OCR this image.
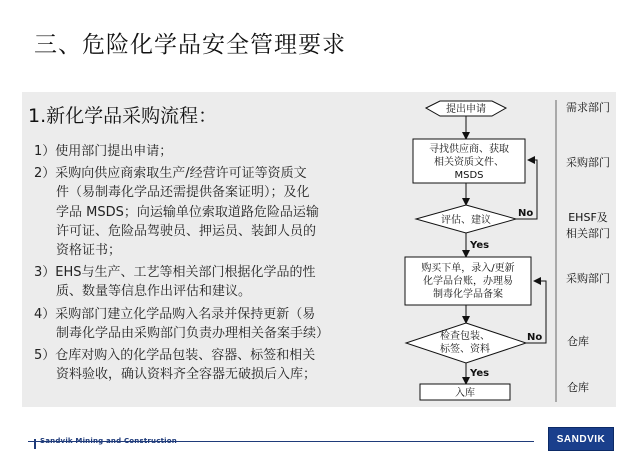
三、危险化学品安全管理要求
1.新化学品采购流程：
1）使用部门提出申请；
2）采购向供应商索取生产/经营许可证等资质文
件（易制毒化学品还需提供备案证明）；及化
学品 MSDS；向运输单位索取道路危险品运输
许可证、危险品驾驶员、押运员、装卸人员的
资格证书；
3）EHS与生产、工艺等相关部门根据化学品的性
质、数量等信息作出评估和建议。
4）采购部门建立化学品购入名录并保持更新（易
制毒化学品由采购部门负责办理相关备案手续）
5）仓库对购入的化学品包装、容器、标签和相关
资料验收，确认资料齐全容器无破损后入库；
提出申请
寻找供应商、获取
相关资质文件、
MSDS
评估、建议
No
Yes
购买下单，录入/更新
化学品台账，办理易
制毒化学品备案
检查包装、
标签、资料
No
Yes
入库
需求部门
采购部门
EHSF及
相关部门
采购部门
仓库
仓库
Sandvik Mining and Construction	SANDVIK
